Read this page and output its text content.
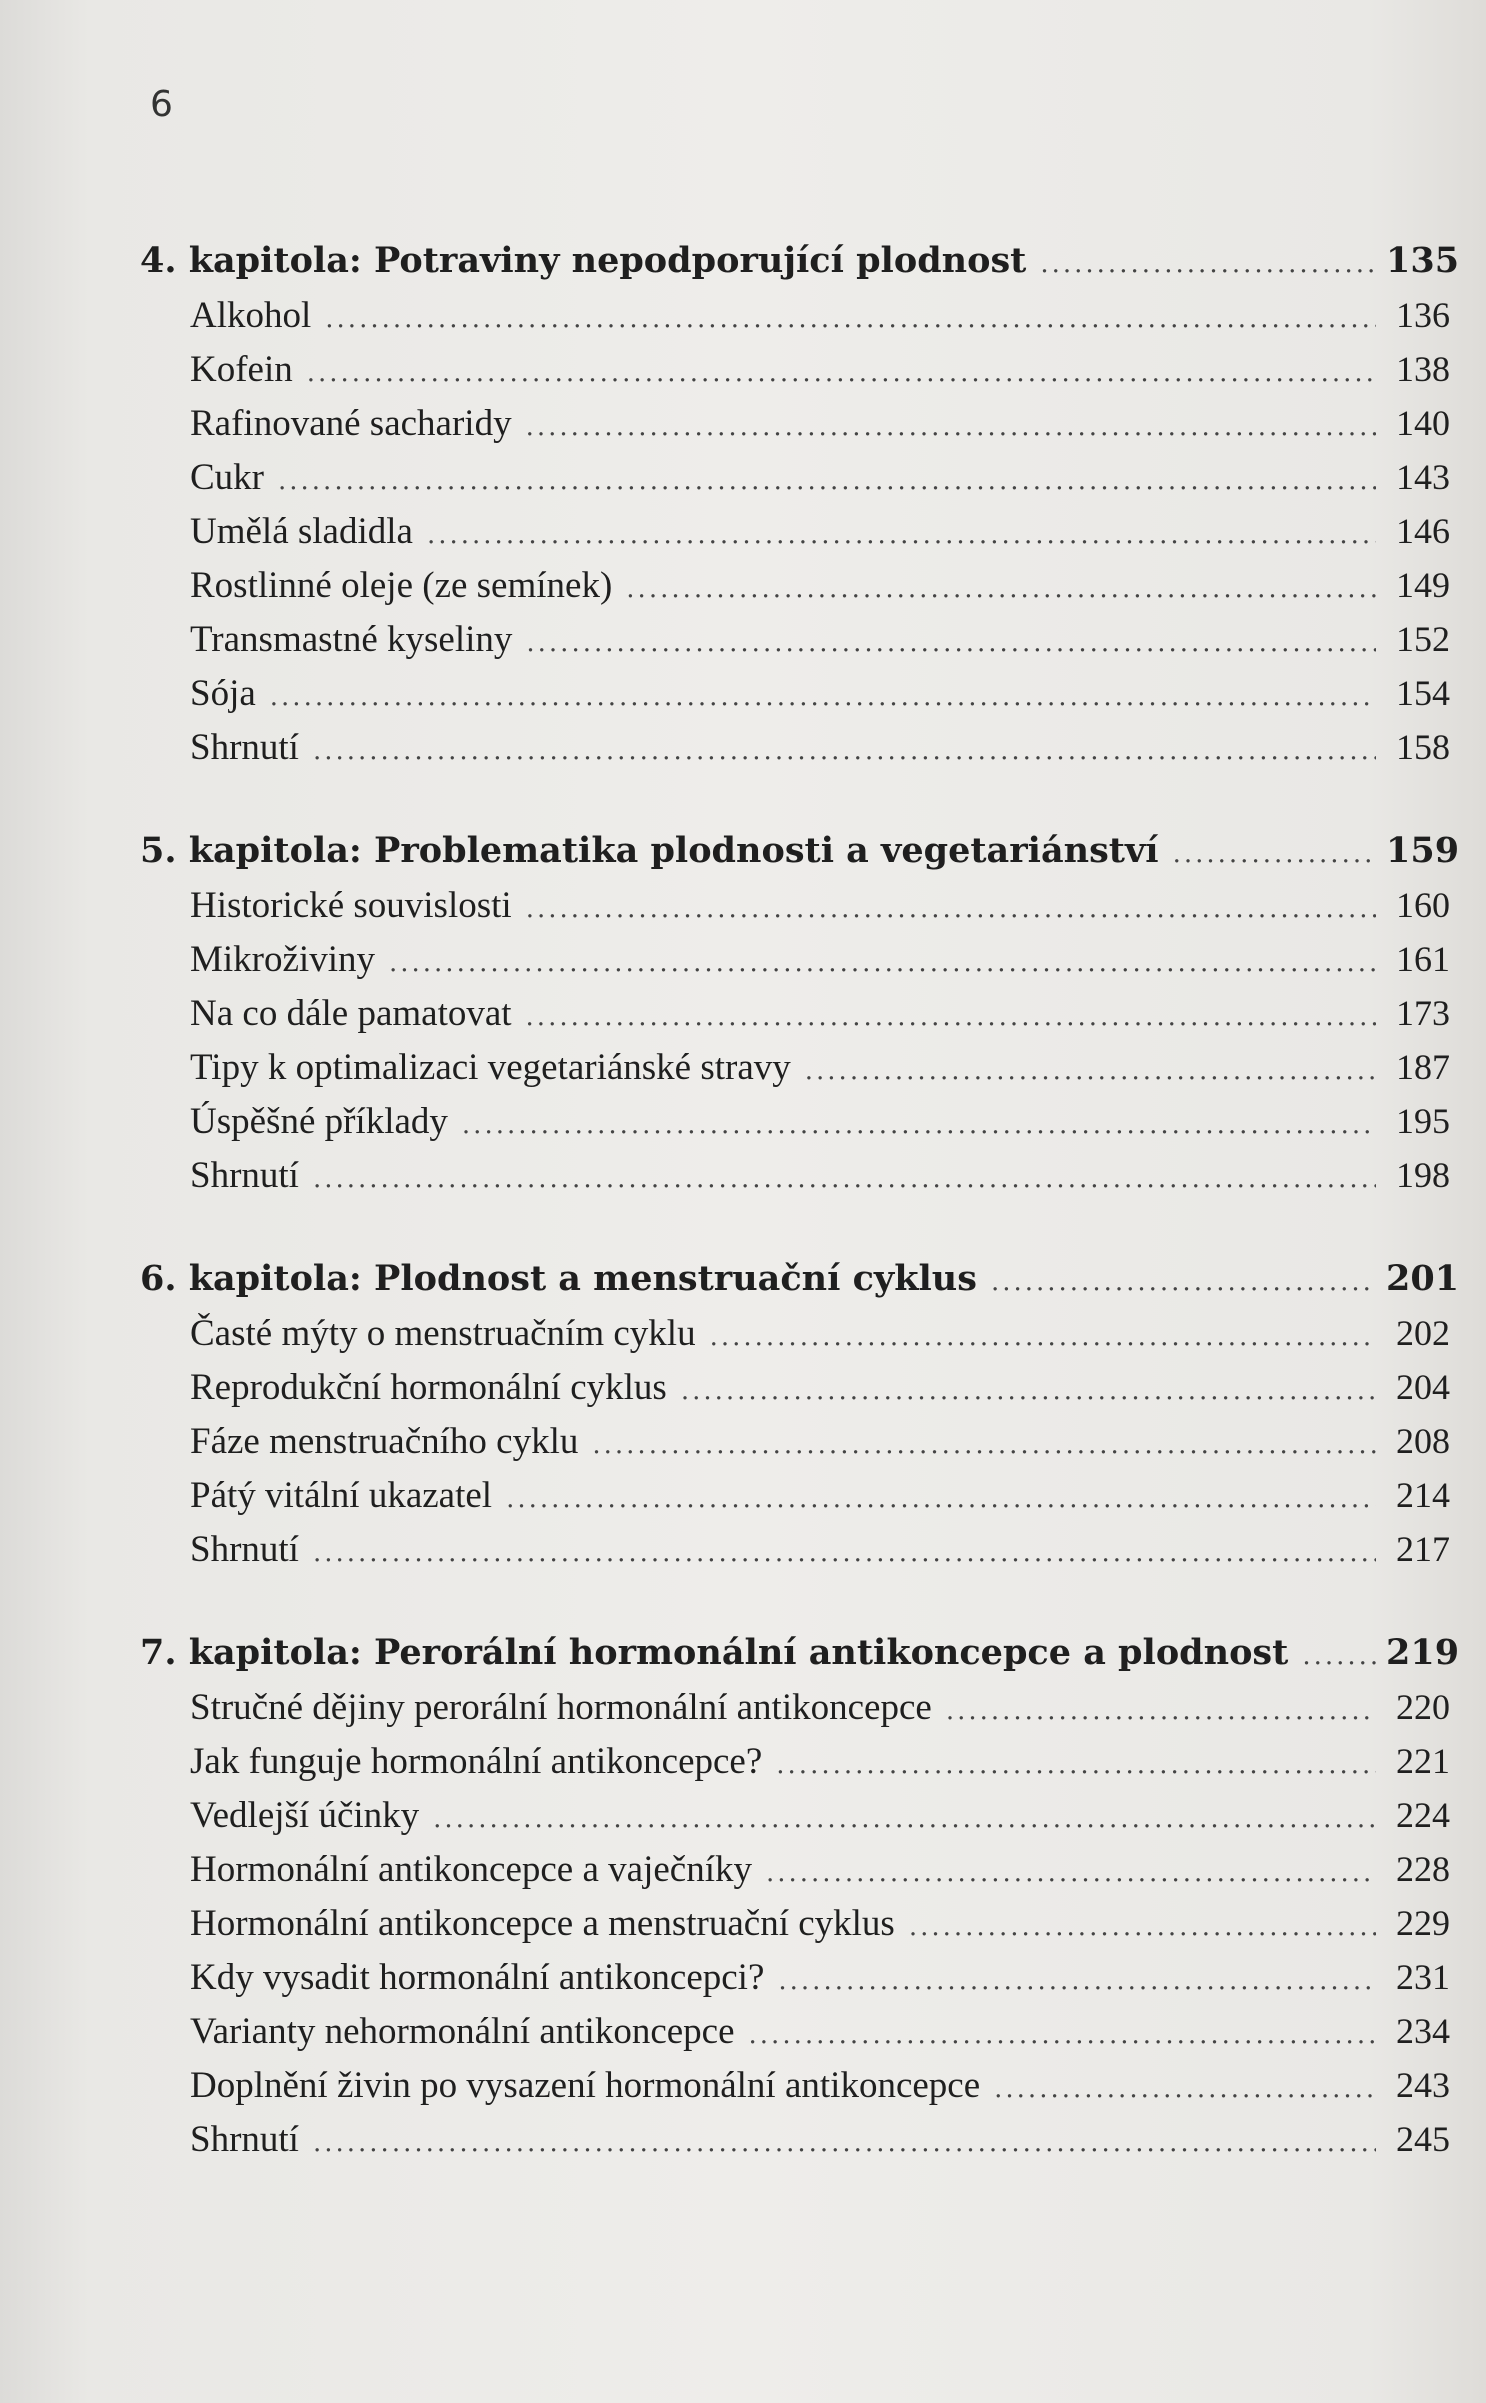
6
4. kapitola: Potraviny nepodporující plodnost .....	135
Alkohol .....	136
Kofein .....	138
Rafinované sacharidy .....	140
Cukr .....	143
Umělá sladidla .....	146
Rostlinné oleje (ze semínek) .....	149
Transmastné kyseliny .....	152
Sója .....	154
Shrnutí .....	158
5. kapitola: Problematika plodnosti a vegetariánství .....	159
Historické souvislosti .....	160
Mikroživiny .....	161
Na co dále pamatovat .....	173
Tipy k optimalizaci vegetariánské stravy .....	187
Úspěšné příklady .....	195
Shrnutí .....	198
6. kapitola: Plodnost a menstruační cyklus .....	201
Časté mýty o menstruačním cyklu .....	202
Reprodukční hormonální cyklus .....	204
Fáze menstruačního cyklu .....	208
Pátý vitální ukazatel .....	214
Shrnutí .....	217
7. kapitola: Perorální hormonální antikoncepce a plodnost .....	219
Stručné dějiny perorální hormonální antikoncepce .....	220
Jak funguje hormonální antikoncepce? .....	221
Vedlejší účinky .....	224
Hormonální antikoncepce a vaječníky .....	228
Hormonální antikoncepce a menstruační cyklus .....	229
Kdy vysadit hormonální antikoncepci? .....	231
Varianty nehormonální antikoncepce .....	234
Doplnění živin po vysazení hormonální antikoncepce .....	243
Shrnutí .....	245
